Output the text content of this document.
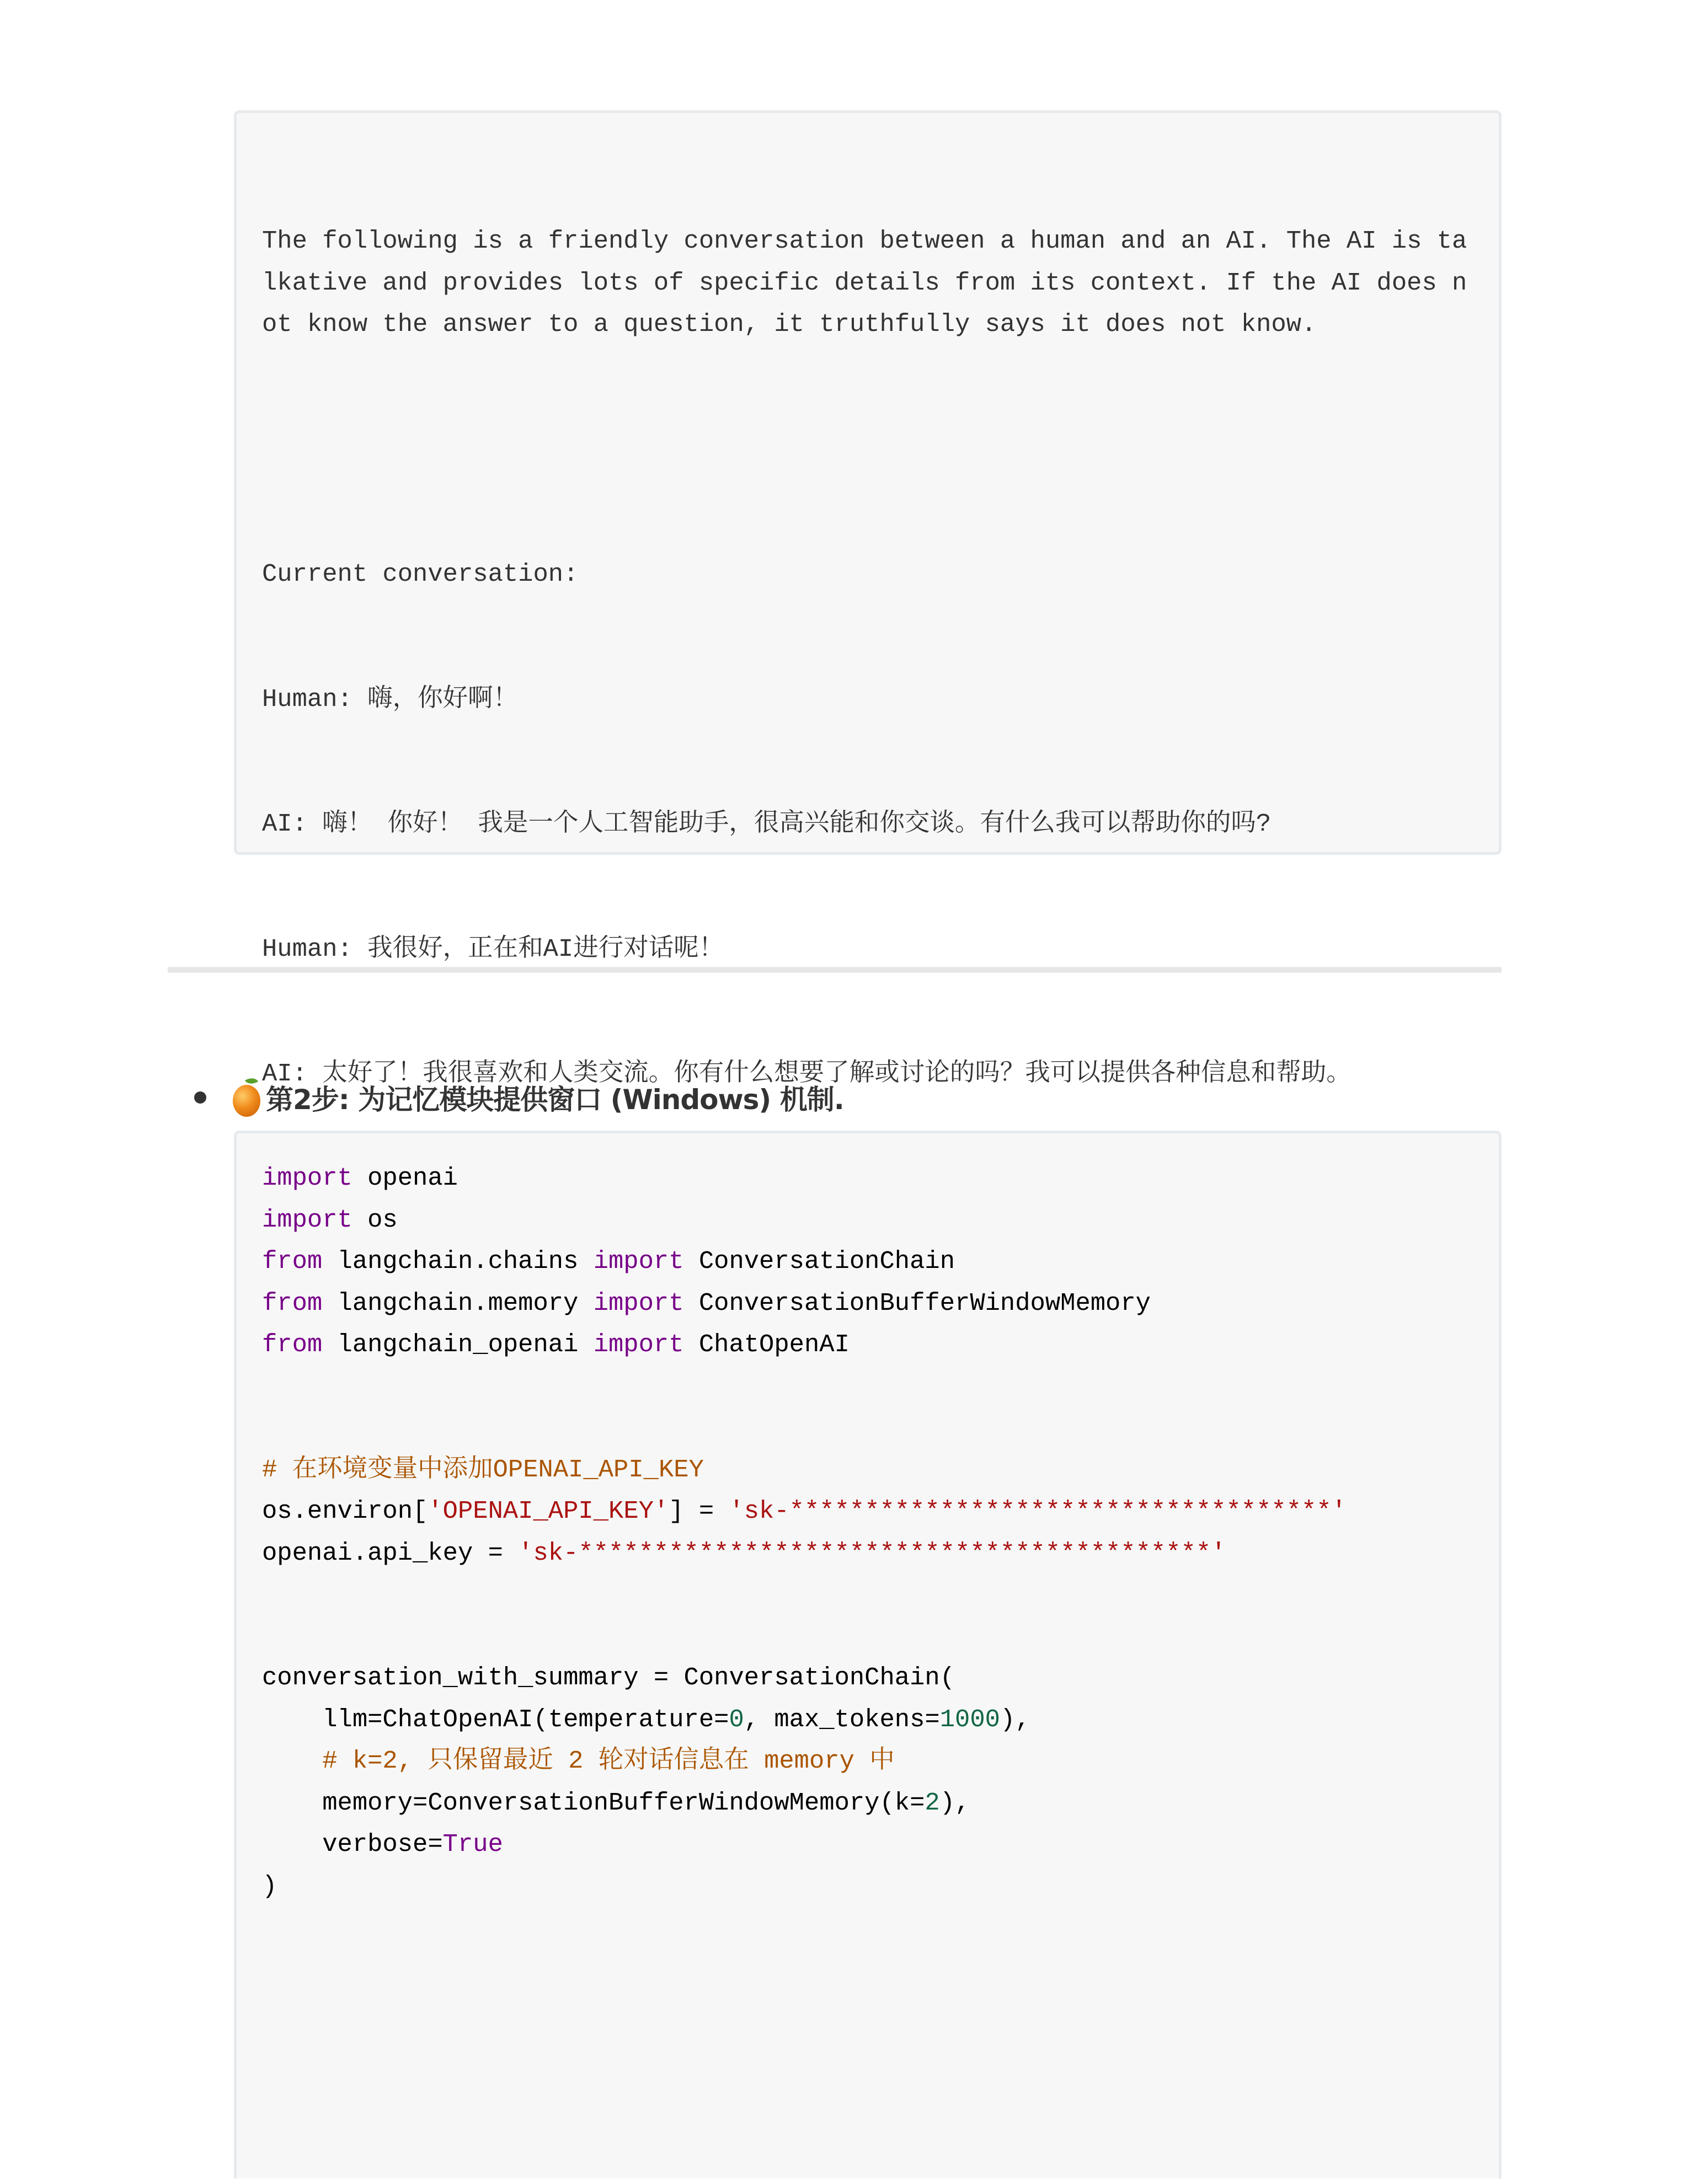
The following is a friendly conversation between a human and an AI. The AI is talkative and provides lots of specific details from its context. If the AI does not know the answer to a question, it truthfully says it does not know.

Current conversation:

Human: 嗨，你好啊！

AI: 嗨！ 你好！ 我是一个人工智能助手，很高兴能和你交谈。有什么我可以帮助你的吗?

Human: 我很好，正在和AI进行对话呢！

AI: 太好了！我很喜欢和人类交流。你有什么想要了解或讨论的吗？我可以提供各种信息和帮助。

第2步: 为记忆模块提供窗口 (Windows) 机制.
import openai
import os
from langchain.chains import ConversationChain
from langchain.memory import ConversationBufferWindowMemory
from langchain_openai import ChatOpenAI
# 在环境变量中添加OPENAI_API_KEY
os.environ['OPENAI_API_KEY'] = 'sk-************************************'
openai.api_key = 'sk-******************************************'
conversation_with_summary = ConversationChain(
llm=ChatOpenAI(temperature=0, max_tokens=1000),
# k=2, 只保留最近 2 轮对话信息在 memory 中
memory=ConversationBufferWindowMemory(k=2),
verbose=True
)
